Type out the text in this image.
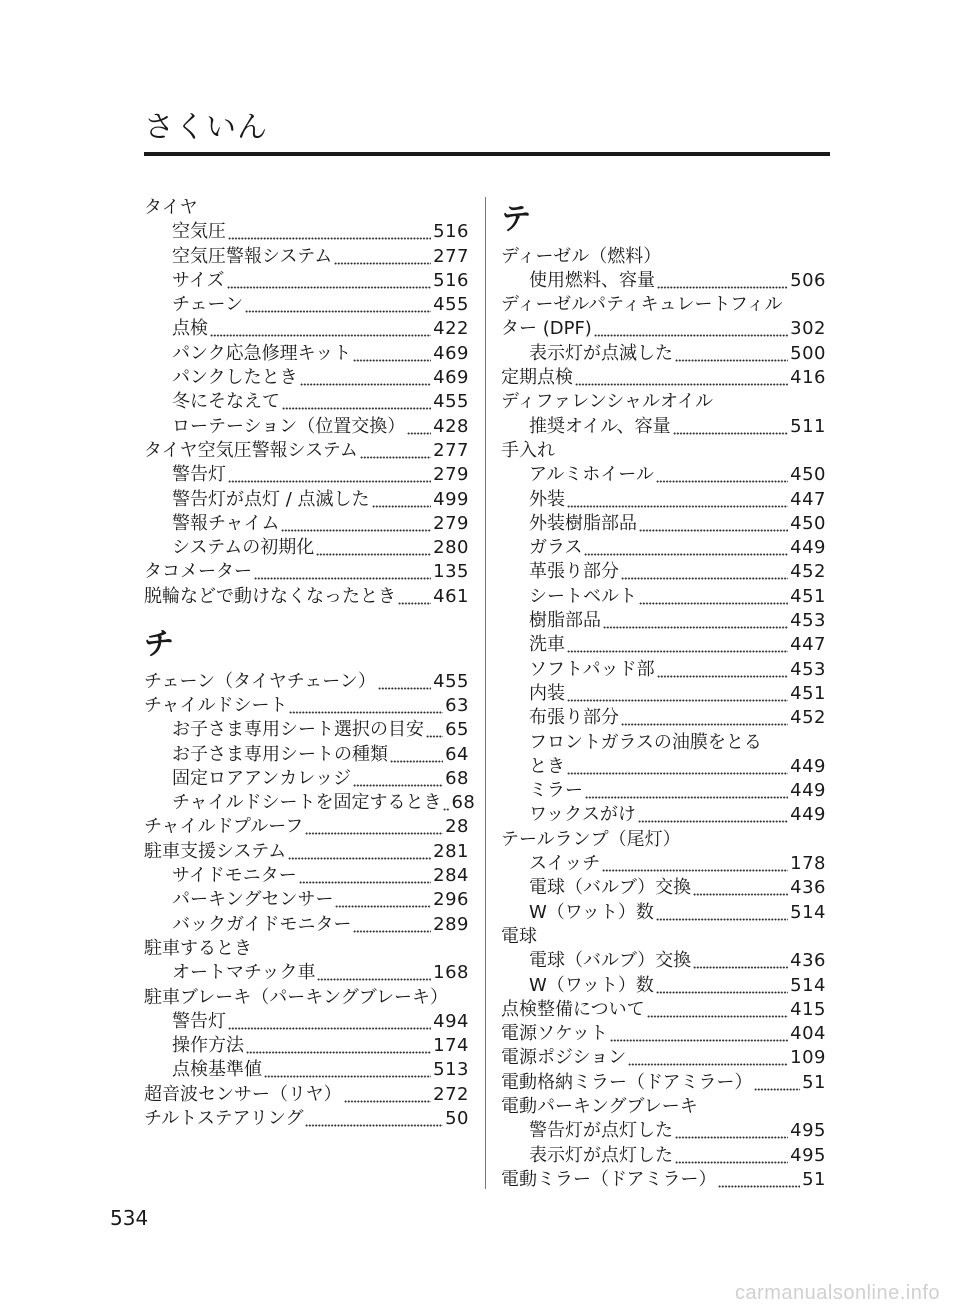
さくいん
タイヤ
空気圧	516
空気圧警報システム	277
サイズ	516
チェーン	455
点検	422
パンク応急修理キット	469
パンクしたとき	469
冬にそなえて	455
ローテーション（位置交換） 428
タイヤ空気圧警報システム	277
警告灯	279
警告灯が点灯 / 点滅した	499
警報チャイム	279
システムの初期化	280
タコメーター	135
脱輪などで動けなくなったとき 461
チ
チェーン（タイヤチェーン）	455
チャイルドシート	63
お子さま専用シート選択の目安 65
お子さま専用シートの種類	64
固定ロアアンカレッジ	68
チャイルドシートを固定するとき 68
チャイルドプルーフ	28
駐車支援システム	281
サイドモニター	284
パーキングセンサー	296
バックガイドモニター	289
駐車するとき
オートマチック車	168
駐車ブレーキ（パーキングブレーキ）
警告灯	494
操作方法	174
点検基準値	513
超音波センサー（リヤ）	272
チルトステアリング	50
テ
ディーゼル（燃料）
使用燃料、容量	506
ディーゼルパティキュレートフィル
ター (DPF)	302
表示灯が点滅した	500
定期点検	416
ディファレンシャルオイル
推奨オイル、容量	511
手入れ
アルミホイール	450
外装	447
外装樹脂部品	450
ガラス	449
革張り部分	452
シートベルト	451
樹脂部品	453
洗車	447
ソフトパッド部	453
内装	451
布張り部分	452
フロントガラスの油膜をとる
とき	449
ミラー	449
ワックスがけ	449
テールランプ（尾灯）
スイッチ	178
電球（バルブ）交換	436
W（ワット）数	514
電球
電球（バルブ）交換	436
W（ワット）数	514
点検整備について	415
電源ソケット	404
電源ポジション	109
電動格納ミラー（ドアミラー）	51
電動パーキングブレーキ
警告灯が点灯した	495
表示灯が点灯した	495
電動ミラー（ドアミラー）	51
534
carmanualsonline.info
